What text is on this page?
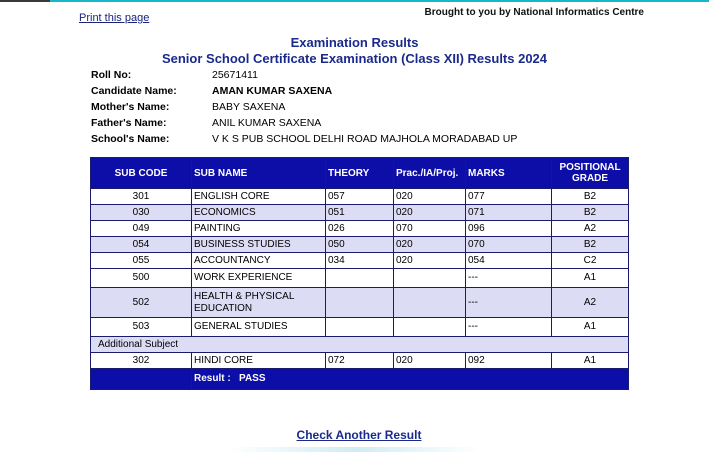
Print this page	Brought to you by National Informatics Centre
Examination Results
Senior School Certificate Examination (Class XII) Results 2024
Roll No:	25671411
Candidate Name:	AMAN KUMAR SAXENA
Mother's Name:	BABY SAXENA
Father's Name:	ANIL KUMAR SAXENA
School's Name:	V K S PUB SCHOOL DELHI ROAD MAJHOLA MORADABAD UP
SUB CODE	SUB NAME	THEORY	Prac./IA/Proj.	MARKS	POSITIONAL GRADE
301	ENGLISH CORE	057	020	077	B2
030	ECONOMICS	051	020	071	B2
049	PAINTING	026	070	096	A2
054	BUSINESS STUDIES	050	020	070	B2
055	ACCOUNTANCY	034	020	054	C2
500	WORK EXPERIENCE			---	A1
502	HEALTH & PHYSICAL EDUCATION			---	A2
503	GENERAL STUDIES			---	A1
Additional Subject					
302	HINDI CORE	072	020	092	A1
	Result : PASS				
Check Another Result
